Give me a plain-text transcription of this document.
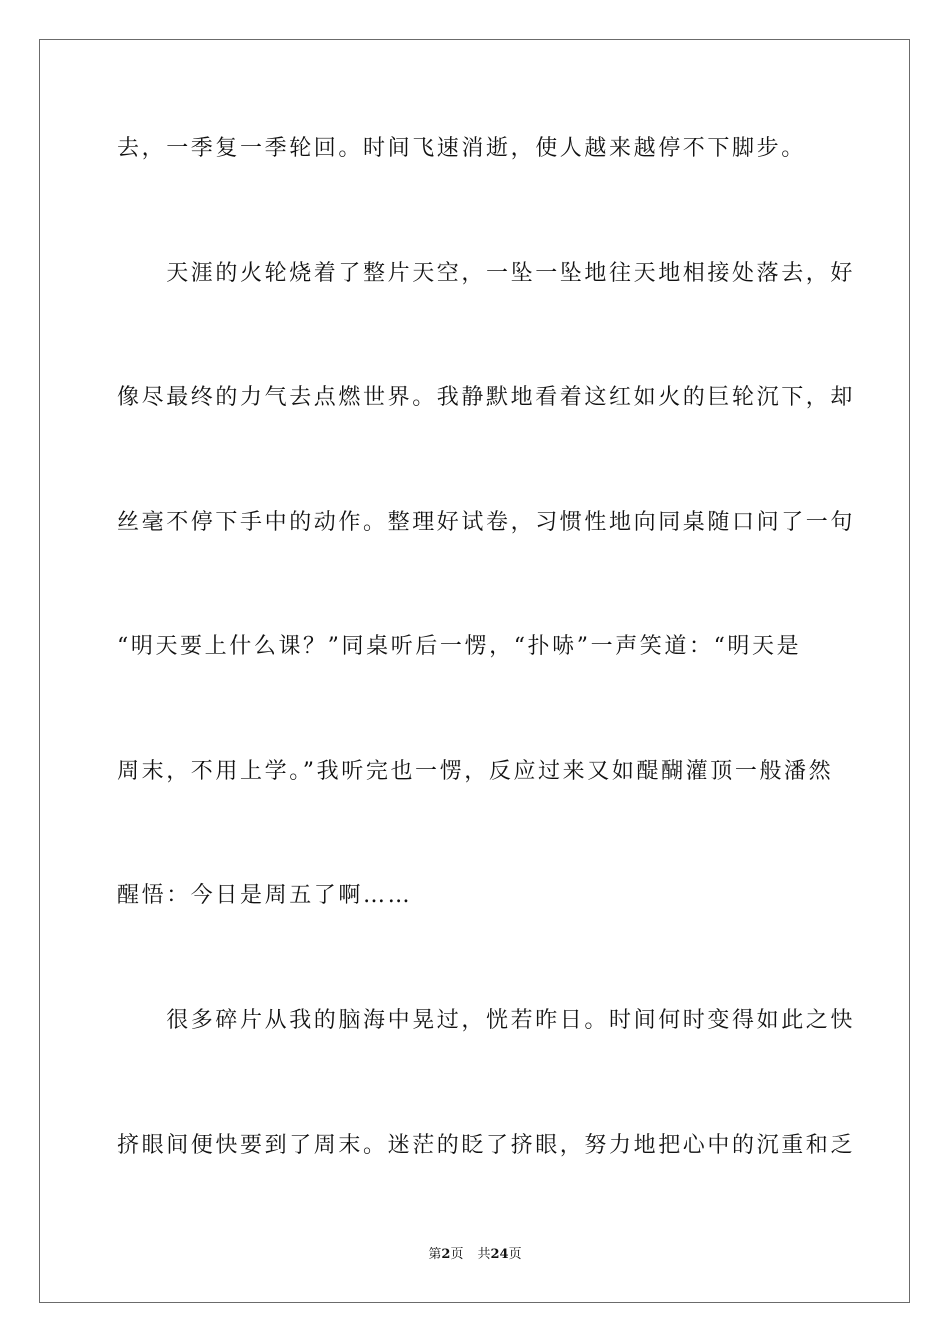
去，一季复一季轮回。时间飞速消逝，使人越来越停不下脚步。
　　天涯的火轮烧着了整片天空，一坠一坠地往天地相接处落去，好
像尽最终的力气去点燃世界。我静默地看着这红如火的巨轮沉下，却
丝毫不停下手中的动作。整理好试卷，习惯性地向同桌随口问了一句
“明天要上什么课？”同桌听后一愣，“扑哧”一声笑道：“明天是
周末，不用上学。”我听完也一愣，反应过来又如醍醐灌顶一般潘然
醒悟：今日是周五了啊……
　　很多碎片从我的脑海中晃过，恍若昨日。时间何时变得如此之快
挤眼间便快要到了周末。迷茫的眨了挤眼，努力地把心中的沉重和乏
第2页 共24页
